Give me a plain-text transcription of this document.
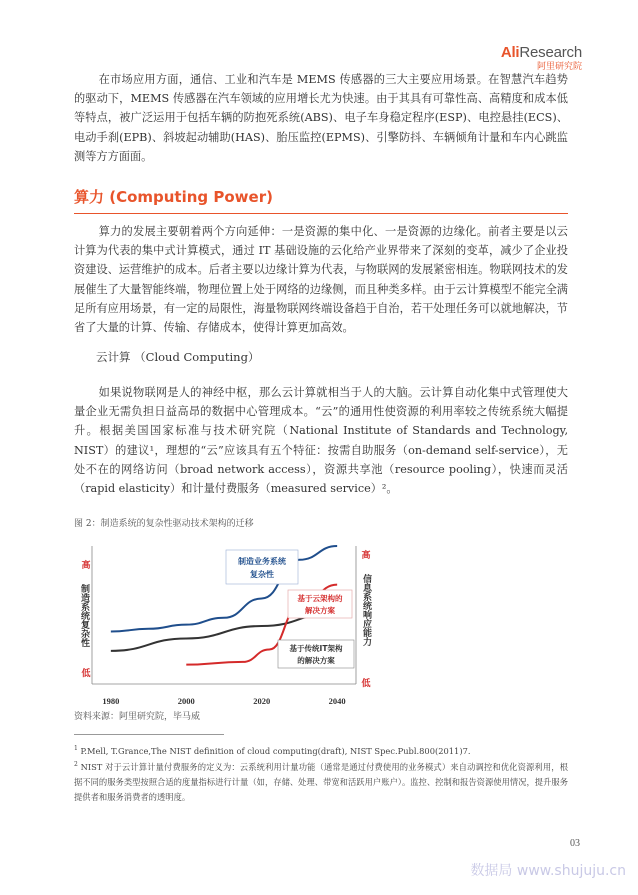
AliResearch
阿里研究院

在市场应用方面，通信、工业和汽车是 MEMS 传感器的三大主要应用场景。在智慧汽车趋势的驱动下，MEMS 传感器在汽车领域的应用增长尤为快速。由于其具有可靠性高、高精度和成本低等特点，被广泛运用于包括车辆的防抱死系统(ABS)、电子车身稳定程序(ESP)、电控悬挂(ECS)、电动手刹(EPB)、斜坡起动辅助(HAS)、胎压监控(EPMS)、引擎防抖、车辆倾角计量和车内心跳监测等方方面面。

算力 (Computing Power)

算力的发展主要朝着两个方向延伸：一是资源的集中化、一是资源的边缘化。前者主要是以云计算为代表的集中式计算模式，通过 IT 基础设施的云化给产业界带来了深刻的变革，减少了企业投资建设、运营维护的成本。后者主要以边缘计算为代表，与物联网的发展紧密相连。物联网技术的发展催生了大量智能终端，物理位置上处于网络的边缘侧，而且种类多样。由于云计算模型不能完全满足所有应用场景，有一定的局限性，海量物联网终端设备趋于自治，若干处理任务可以就地解决，节省了大量的计算、传输、存储成本，使得计算更加高效。

云计算 （Cloud Computing）

如果说物联网是人的神经中枢，那么云计算就相当于人的大脑。云计算自动化集中式管理使大量企业无需负担日益高昂的数据中心管理成本。“云”的通用性使资源的利用率较之传统系统大幅提升。根据美国国家标准与技术研究院（National Institute of Standards and Technology, NIST）的建议¹，理想的“云”应该具有五个特征：按需自助服务（on-demand self-service），无处不在的网络访问（broad network access），资源共享池（resource pooling），快速而灵活（rapid elasticity）和计量付费服务（measured service）²。

图 2：制造系统的复杂性驱动技术架构的迁移
高
低
高
低
制造系统复杂性	信息系统响应能力
1980	2000	2020	2040
制造业务系统
复杂性
基于云架构的
解决方案
基于传统IT架构
的解决方案
资料来源：阿里研究院，毕马威
$^1$ P.Mell, T.Grance,The NIST definition of cloud computing(draft), NIST Spec.Publ.800(2011)7.
$^2$ NIST 对于云计算计量付费服务的定义为：云系统利用计量功能（通常是通过付费使用的业务模式）来自动调控和优化资源利用，根据不同的服务类型按照合适的度量指标进行计量（如，存储、处理、带宽和活跃用户账户）。监控、控制和报告资源使用情况，提升服务提供者和服务消费者的透明度。
03
数据局 www.shujuju.cn
